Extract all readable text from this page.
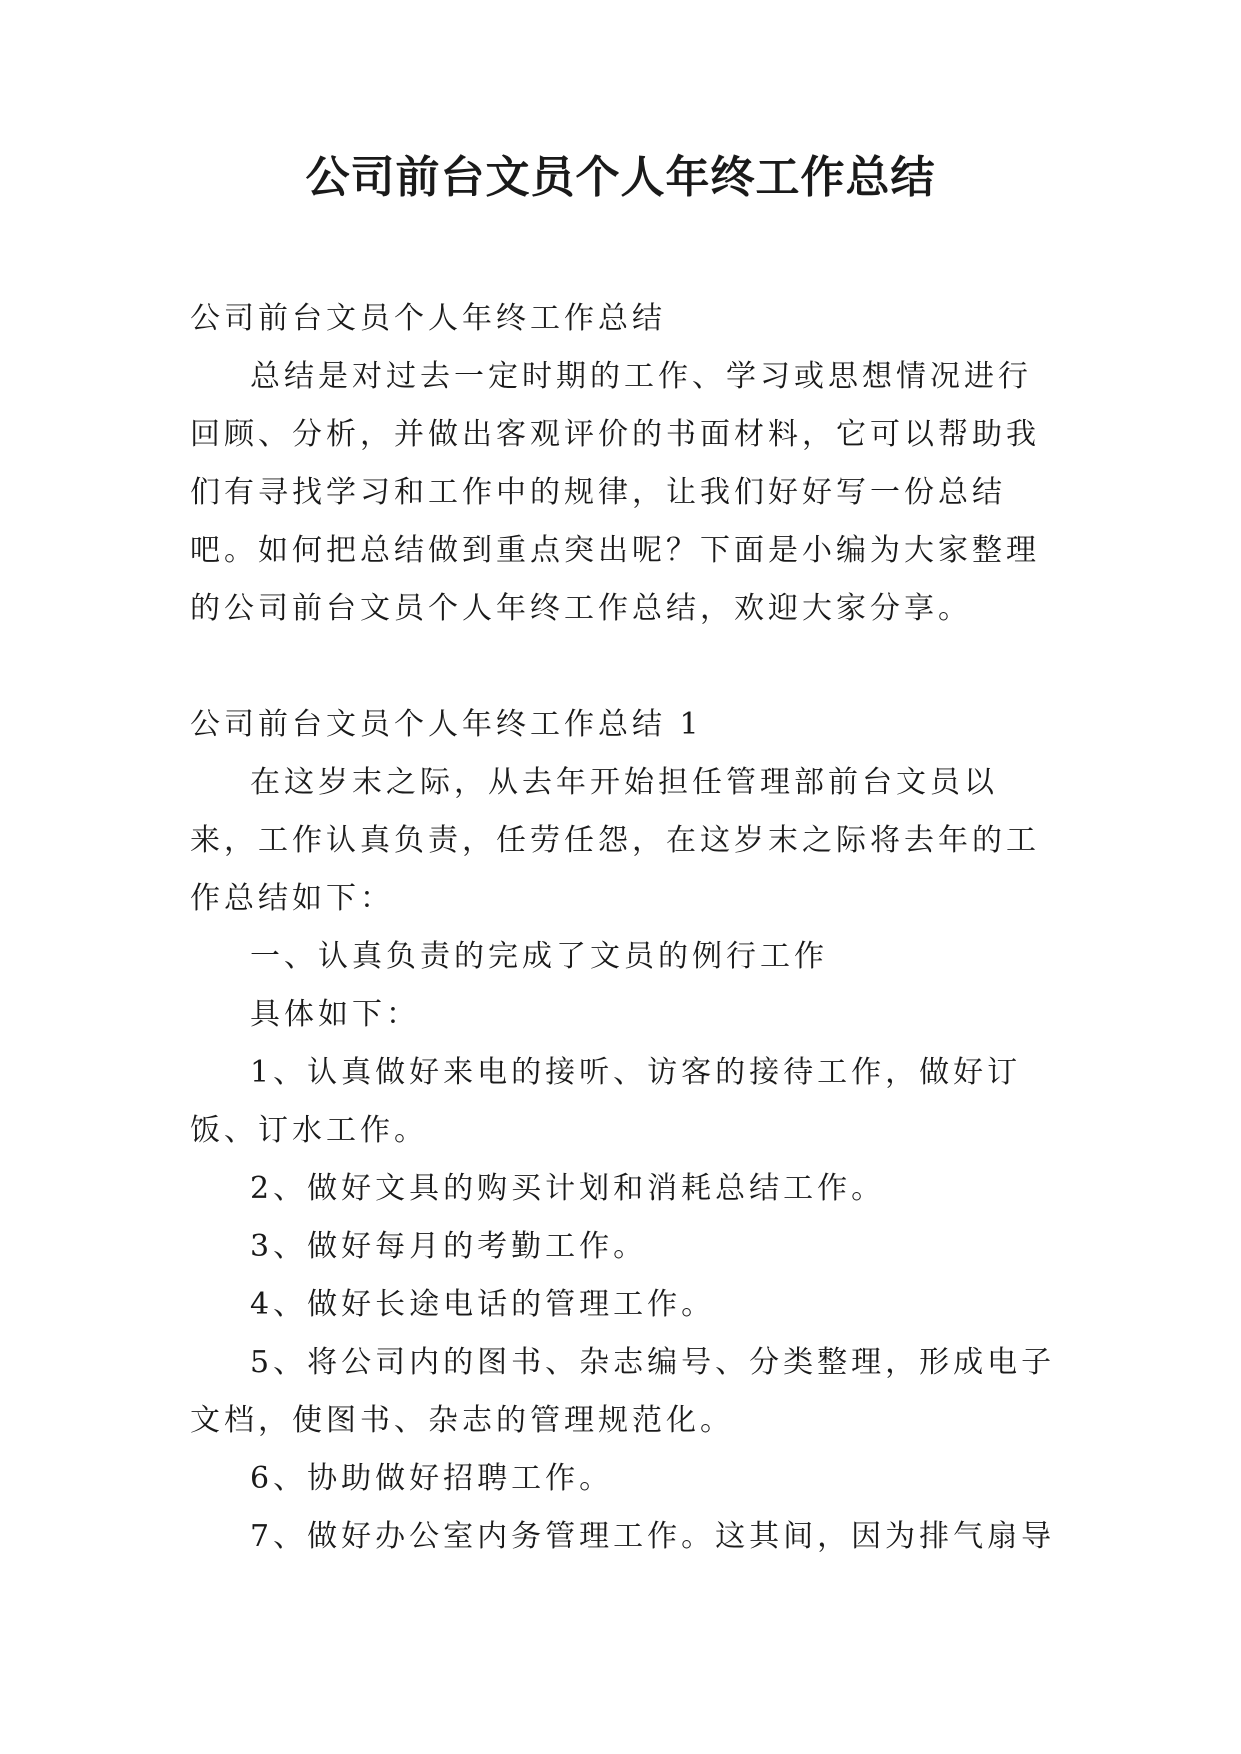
公司前台文员个人年终工作总结

公司前台文员个人年终工作总结

总结是对过去一定时期的工作、学习或思想情况进行回顾、分析，并做出客观评价的书面材料，它可以帮助我们有寻找学习和工作中的规律，让我们好好写一份总结吧。如何把总结做到重点突出呢？下面是小编为大家整理的公司前台文员个人年终工作总结，欢迎大家分享。

公司前台文员个人年终工作总结 1

在这岁末之际，从去年开始担任管理部前台文员以来，工作认真负责，任劳任怨，在这岁末之际将去年的工作总结如下：

一、认真负责的完成了文员的例行工作

具体如下：

1、认真做好来电的接听、访客的接待工作，做好订饭、订水工作。

2、做好文具的购买计划和消耗总结工作。

3、做好每月的考勤工作。

4、做好长途电话的管理工作。

5、将公司内的图书、杂志编号、分类整理，形成电子文档，使图书、杂志的管理规范化。

6、协助做好招聘工作。

7、做好办公室内务管理工作。这其间，因为排气扇导
